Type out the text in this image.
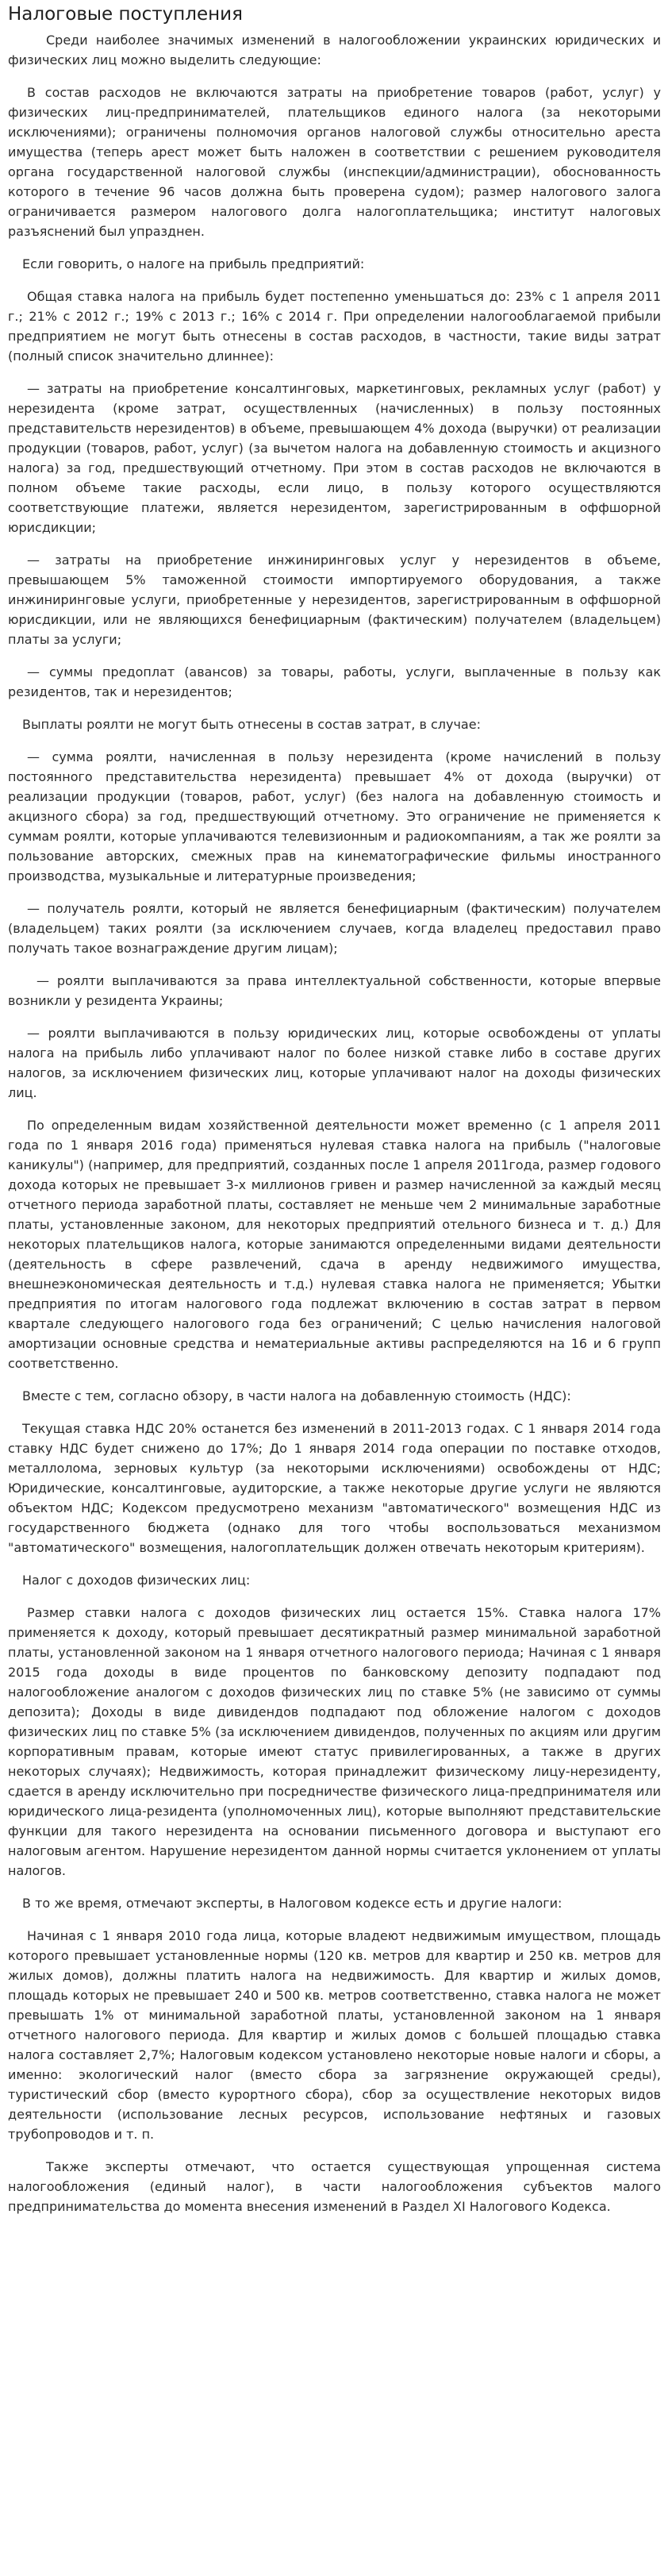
Налоговые поступления

Среди наиболее значимых изменений в налогообложении украинских юридических и физических лиц можно выделить следующие:

В состав расходов не включаются затраты на приобретение товаров (работ, услуг) у физических лиц-предпринимателей, плательщиков единого налога (за некоторыми исключениями); ограничены полномочия органов налоговой службы относительно ареста имущества (теперь арест может быть наложен в соответствии с решением руководителя органа государственной налоговой службы (инспекции/администрации), обоснованность которого в течение 96 часов должна быть проверена судом); размер налогового залога ограничивается размером налогового долга налогоплательщика; институт налоговых разъяснений был упразднен.

Если говорить, о налоге на прибыль предприятий:

Общая ставка налога на прибыль будет постепенно уменьшаться до: 23% с 1 апреля 2011 г.; 21% с 2012 г.; 19% с 2013 г.; 16% с 2014 г. При определении налогооблагаемой прибыли предприятием не могут быть отнесены в состав расходов, в частности, такие виды затрат (полный список значительно длиннее):

— затраты на приобретение консалтинговых, маркетинговых, рекламных услуг (работ) у нерезидента (кроме затрат, осуществленных (начисленных) в пользу постоянных представительств нерезидентов) в объеме, превышающем 4% дохода (выручки) от реализации продукции (товаров, работ, услуг) (за вычетом налога на добавленную стоимость и акцизного налога) за год, предшествующий отчетному. При этом в состав расходов не включаются в полном объеме такие расходы, если лицо, в пользу которого осуществляются соответствующие платежи, является нерезидентом, зарегистрированным в оффшорной юрисдикции;

— затраты на приобретение инжиниринговых услуг у нерезидентов в объеме, превышающем 5% таможенной стоимости импортируемого оборудования, а также инжиниринговые услуги, приобретенные у нерезидентов, зарегистрированным в оффшорной юрисдикции, или не являющихся бенефициарным (фактическим) получателем (владельцем) платы за услуги;

— суммы предоплат (авансов) за товары, работы, услуги, выплаченные в пользу как резидентов, так и нерезидентов;

Выплаты роялти не могут быть отнесены в состав затрат, в случае:

— сумма роялти, начисленная в пользу нерезидента (кроме начислений в пользу постоянного представительства нерезидента) превышает 4% от дохода (выручки) от реализации продукции (товаров, работ, услуг) (без налога на добавленную стоимость и акцизного сбора) за год, предшествующий отчетному. Это ограничение не применяется к суммам роялти, которые уплачиваются телевизионным и радиокомпаниям, а так же роялти за пользование авторских, смежных прав на кинематографические фильмы иностранного производства, музыкальные и литературные произведения;

— получатель роялти, который не является бенефициарным (фактическим) получателем (владельцем) таких роялти (за исключением случаев, когда владелец предоставил право получать такое вознаграждение другим лицам);

— роялти выплачиваются за права интеллектуальной собственности, которые впервые возникли у резидента Украины;

— роялти выплачиваются в пользу юридических лиц, которые освобождены от уплаты налога на прибыль либо уплачивают налог по более низкой ставке либо в составе других налогов, за исключением физических лиц, которые уплачивают налог на доходы физических лиц.

По определенным видам хозяйственной деятельности может временно (с 1 апреля 2011 года по 1 января 2016 года) применяться нулевая ставка налога на прибыль ("налоговые каникулы") (например, для предприятий, созданных после 1 апреля 2011года, размер годового дохода которых не превышает 3-х миллионов гривен и размер начисленной за каждый месяц отчетного периода заработной платы, составляет не меньше чем 2 минимальные заработные платы, установленные законом, для некоторых предприятий отельного бизнеса и т. д.) Для некоторых плательщиков налога, которые занимаются определенными видами деятельности (деятельность в сфере развлечений, сдача в аренду недвижимого имущества, внешнеэкономическая деятельность и т.д.) нулевая ставка налога не применяется; Убытки предприятия по итогам налогового года подлежат включению в состав затрат в первом квартале следующего налогового года без ограничений; С целью начисления налоговой амортизации основные средства и нематериальные активы распределяются на 16 и 6 групп соответственно.

Вместе с тем, согласно обзору, в части налога на добавленную стоимость (НДС):

Текущая ставка НДС 20% останется без изменений в 2011-2013 годах. С 1 января 2014 года ставку НДС будет снижено до 17%; До 1 января 2014 года операции по поставке отходов, металлолома, зерновых культур (за некоторыми исключениями) освобождены от НДС; Юридические, консалтинговые, аудиторские, а также некоторые другие услуги не являются объектом НДС; Кодексом предусмотрено механизм "автоматического" возмещения НДС из государственного бюджета (однако для того чтобы воспользоваться механизмом "автоматического" возмещения, налогоплательщик должен отвечать некоторым критериям).

Налог с доходов физических лиц:

Размер ставки налога с доходов физических лиц остается 15%. Ставка налога 17% применяется к доходу, который превышает десятикратный размер минимальной заработной платы, установленной законом на 1 января отчетного налогового периода; Начиная с 1 января 2015 года доходы в виде процентов по банковскому депозиту подпадают под налогообложение аналогом с доходов физических лиц по ставке 5% (не зависимо от суммы депозита); Доходы в виде дивидендов подпадают под обложение налогом с доходов физических лиц по ставке 5% (за исключением дивидендов, полученных по акциям или другим корпоративным правам, которые имеют статус привилегированных, а также в других некоторых случаях); Недвижимость, которая принадлежит физическому лицу-нерезиденту, сдается в аренду исключительно при посредничестве физического лица-предпринимателя или юридического лица-резидента (уполномоченных лиц), которые выполняют представительские функции для такого нерезидента на основании письменного договора и выступают его налоговым агентом. Нарушение нерезидентом данной нормы считается уклонением от уплаты налогов.

В то же время, отмечают эксперты, в Налоговом кодексе есть и другие налоги:

Начиная с 1 января 2010 года лица, которые владеют недвижимым имуществом, площадь которого превышает установленные нормы (120 кв. метров для квартир и 250 кв. метров для жилых домов), должны платить налога на недвижимость. Для квартир и жилых домов, площадь которых не превышает 240 и 500 кв. метров соответственно, ставка налога не может превышать 1% от минимальной заработной платы, установленной законом на 1 января отчетного налогового периода. Для квартир и жилых домов с большей площадью ставка налога составляет 2,7%; Налоговым кодексом установлено некоторые новые налоги и сборы, а именно: экологический налог (вместо сбора за загрязнение окружающей среды), туристический сбор (вместо курортного сбора), сбор за осуществление некоторых видов деятельности (использование лесных ресурсов, использование нефтяных и газовых трубопроводов и т. п.

Также эксперты отмечают, что остается существующая упрощенная система налогообложения (единый налог), в части налогообложения субъектов малого предпринимательства до момента внесения изменений в Раздел XI Налогового Кодекса.
